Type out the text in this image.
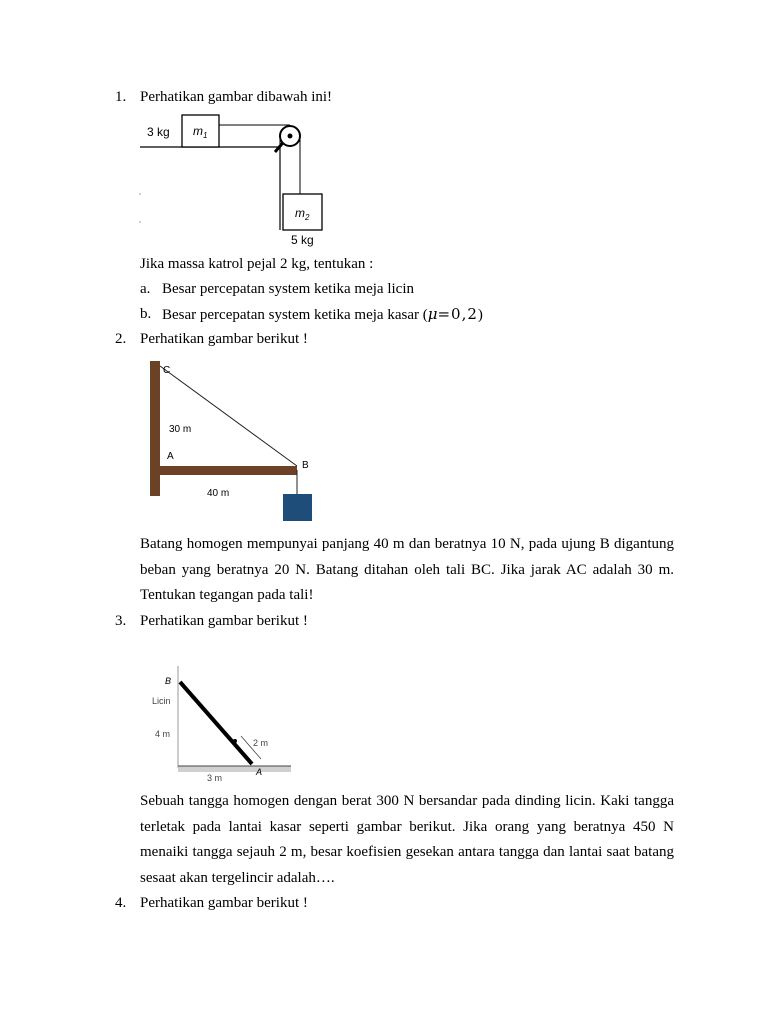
1. Perhatikan gambar dibawah ini!
3 kg $m_1$
$m_2$
5 kg
Jika massa katrol pejal 2 kg, tentukan :
a. Besar percepatan system ketika meja licin
b. Besar percepatan system ketika meja kasar (μ=0,2)
2. Perhatikan gambar berikut !
C
30 m
A
B
40 m
Batang homogen mempunyai panjang 40 m dan beratnya 10 N, pada ujung B digantung beban yang beratnya 20 N. Batang ditahan oleh tali BC. Jika jarak AC adalah 30 m. Tentukan tegangan pada tali!
3. Perhatikan gambar berikut !
B
Licin
4 m
2 m
3 m
A
Sebuah tangga homogen dengan berat 300 N bersandar pada dinding licin. Kaki tangga terletak pada lantai kasar seperti gambar berikut. Jika orang yang beratnya 450 N menaiki tangga sejauh 2 m, besar koefisien gesekan antara tangga dan lantai saat batang sesaat akan tergelincir adalah….
4. Perhatikan gambar berikut !
